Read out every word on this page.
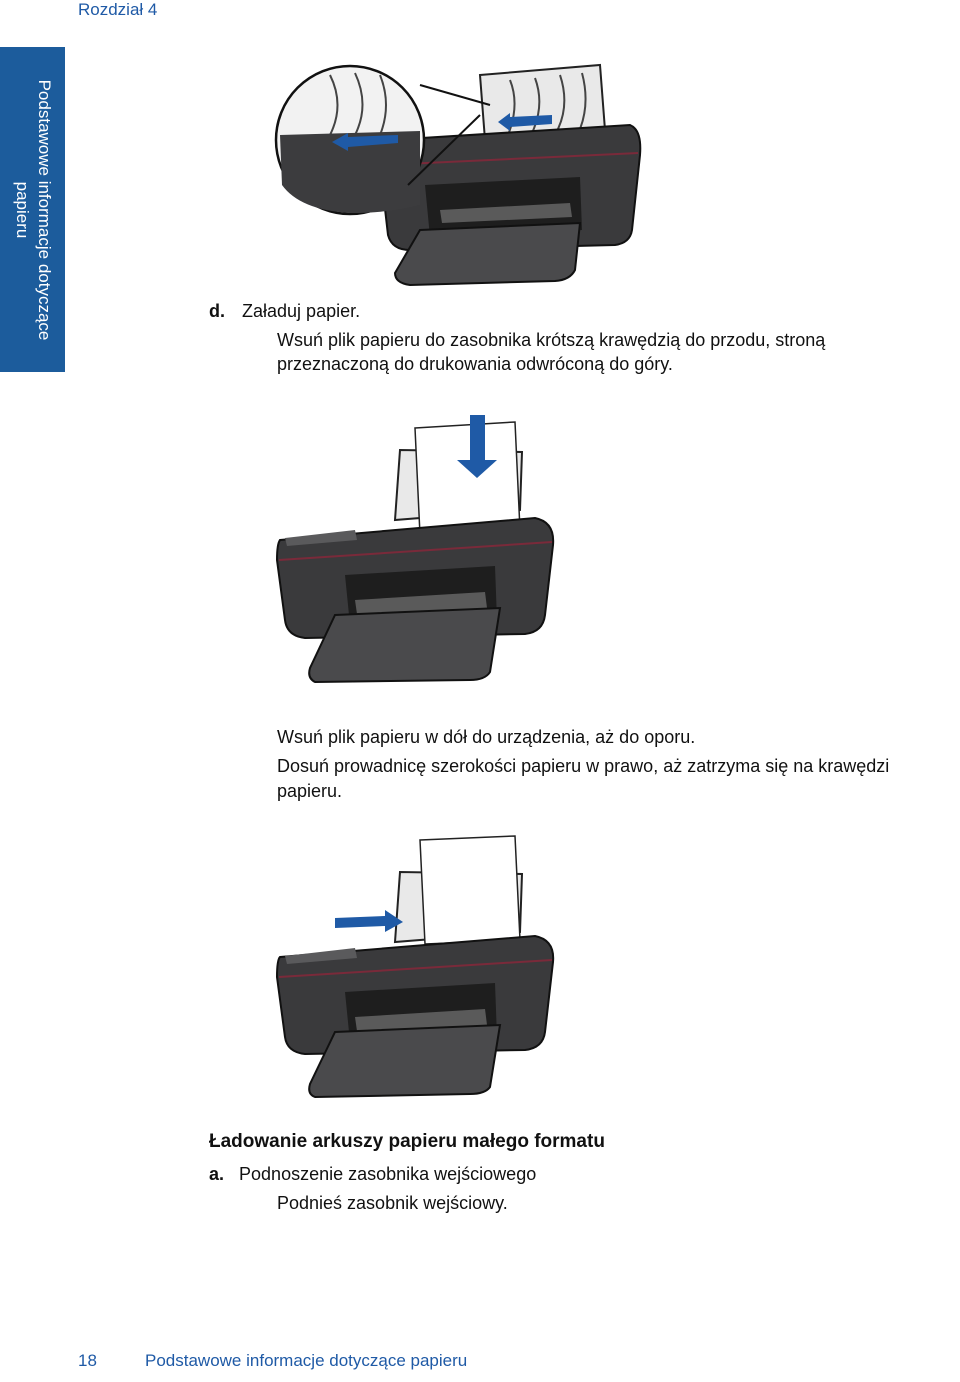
Rozdział 4
Podstawowe informacje dotyczące papieru
d. Załaduj papier.
Wsuń plik papieru do zasobnika krótszą krawędzią do przodu, stroną
przeznaczoną do drukowania odwróconą do góry.
Wsuń plik papieru w dół do urządzenia, aż do oporu.
Dosuń prowadnicę szerokości papieru w prawo, aż zatrzyma się na krawędzi
papieru.
Ładowanie arkuszy papieru małego formatu
a. Podnoszenie zasobnika wejściowego
Podnieś zasobnik wejściowy.
18	Podstawowe informacje dotyczące papieru
